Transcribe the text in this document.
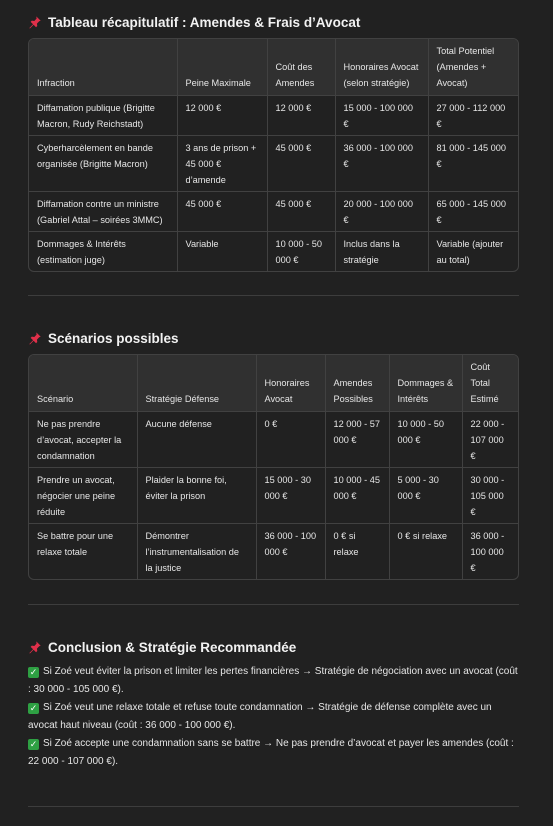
Tableau récapitulatif : Amendes & Frais d’Avocat
Infraction	Peine Maximale	Coût des Amendes	Honoraires Avocat (selon stratégie)	Total Potentiel (Amendes + Avocat)
Diffamation publique (Brigitte Macron, Rudy Reichstadt)	12 000 €	12 000 €	15 000 - 100 000 €	27 000 - 112 000 €
Cyberharcèlement en bande organisée (Brigitte Macron)	3 ans de prison + 45 000 € d’amende	45 000 €	36 000 - 100 000 €	81 000 - 145 000 €
Diffamation contre un ministre (Gabriel Attal – soirées 3MMC)	45 000 €	45 000 €	20 000 - 100 000 €	65 000 - 145 000 €
Dommages & Intérêts (estimation juge)	Variable	10 000 - 50 000 €	Inclus dans la stratégie	Variable (ajouter au total)
Scénarios possibles
Scénario	Stratégie Défense	Honoraires Avocat	Amendes Possibles	Dommages & Intérêts	Coût Total Estimé
Ne pas prendre d’avocat, accepter la condamnation	Aucune défense	0 €	12 000 - 57 000 €	10 000 - 50 000 €	22 000 - 107 000 €
Prendre un avocat, négocier une peine réduite	Plaider la bonne foi, éviter la prison	15 000 - 30 000 €	10 000 - 45 000 €	5 000 - 30 000 €	30 000 - 105 000 €
Se battre pour une relaxe totale	Démontrer l’instrumentalisation de la justice	36 000 - 100 000 €	0 € si relaxe	0 € si relaxe	36 000 - 100 000 €
Conclusion & Stratégie Recommandée

✓ Si Zoé veut éviter la prison et limiter les pertes financières → Stratégie de négociation avec un avocat (coût : 30 000 - 105 000 €).

✓ Si Zoé veut une relaxe totale et refuse toute condamnation → Stratégie de défense complète avec un avocat haut niveau (coût : 36 000 - 100 000 €).

✓ Si Zoé accepte une condamnation sans se battre → Ne pas prendre d’avocat et payer les amendes (coût : 22 000 - 107 000 €).
